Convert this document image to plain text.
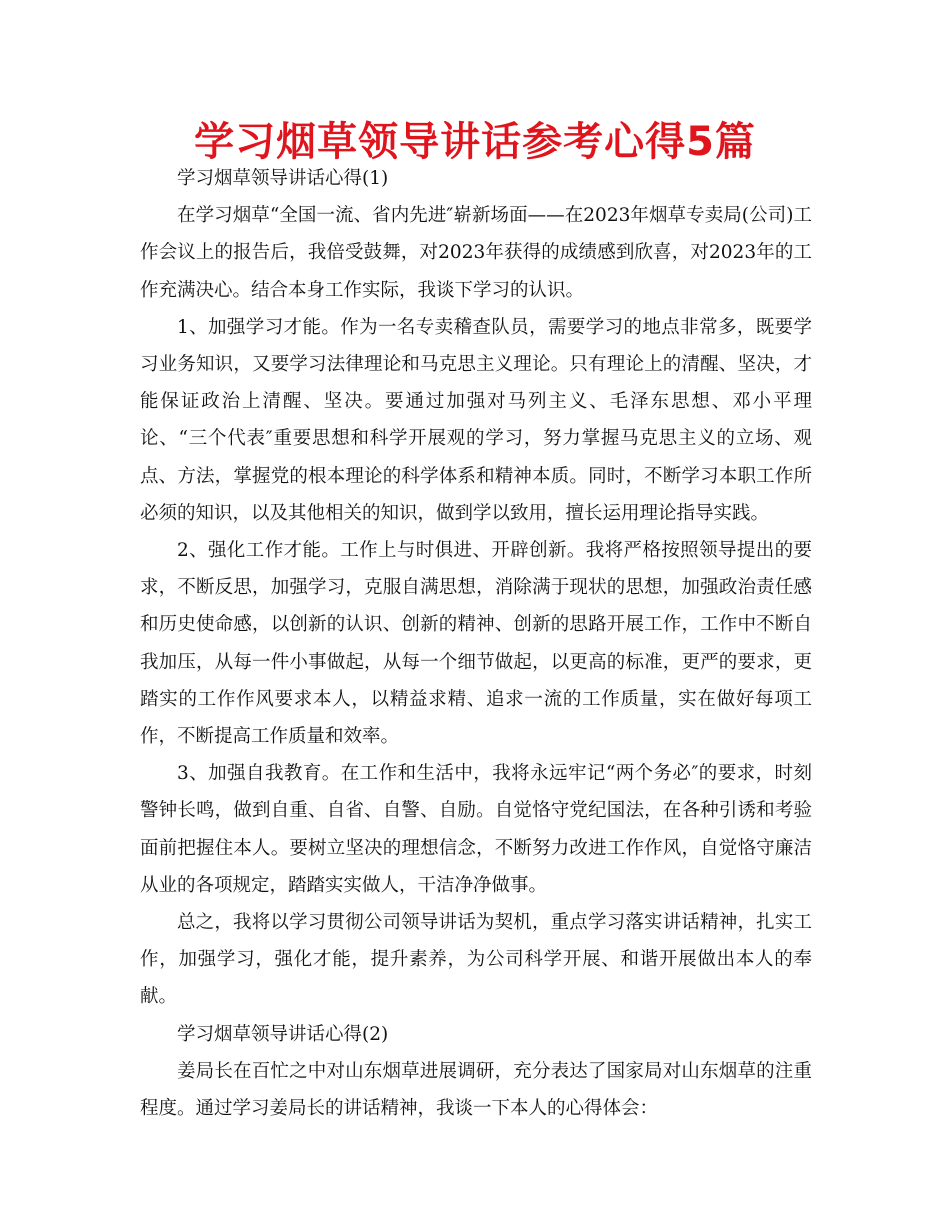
学习烟草领导讲话参考心得5篇

学习烟草领导讲话心得(1)

在学习烟草“全国一流、省内先进″崭新场面——在2023年烟草专卖局(公司)工作会议上的报告后，我倍受鼓舞，对2023年获得的成绩感到欣喜，对2023年的工作充满决心。结合本身工作实际，我谈下学习的认识。

1、加强学习才能。作为一名专卖稽查队员，需要学习的地点非常多，既要学习业务知识，又要学习法律理论和马克思主义理论。只有理论上的清醒、坚决，才能保证政治上清醒、坚决。要通过加强对马列主义、毛泽东思想、邓小平理论、“三个代表″重要思想和科学开展观的学习，努力掌握马克思主义的立场、观点、方法，掌握党的根本理论的科学体系和精神本质。同时，不断学习本职工作所必须的知识，以及其他相关的知识，做到学以致用，擅长运用理论指导实践。

2、强化工作才能。工作上与时俱进、开辟创新。我将严格按照领导提出的要求，不断反思，加强学习，克服自满思想，消除满于现状的思想，加强政治责任感和历史使命感，以创新的认识、创新的精神、创新的思路开展工作，工作中不断自我加压，从每一件小事做起，从每一个细节做起，以更高的标准，更严的要求，更踏实的工作作风要求本人，以精益求精、追求一流的工作质量，实在做好每项工作，不断提高工作质量和效率。

3、加强自我教育。在工作和生活中，我将永远牢记“两个务必″的要求，时刻警钟长鸣，做到自重、自省、自警、自励。自觉恪守党纪国法，在各种引诱和考验面前把握住本人。要树立坚决的理想信念，不断努力改进工作作风，自觉恪守廉洁从业的各项规定，踏踏实实做人，干洁净净做事。

总之，我将以学习贯彻公司领导讲话为契机，重点学习落实讲话精神，扎实工作，加强学习，强化才能，提升素养，为公司科学开展、和谐开展做出本人的奉献。

学习烟草领导讲话心得(2)

姜局长在百忙之中对山东烟草进展调研，充分表达了国家局对山东烟草的注重程度。通过学习姜局长的讲话精神，我谈一下本人的心得体会：
